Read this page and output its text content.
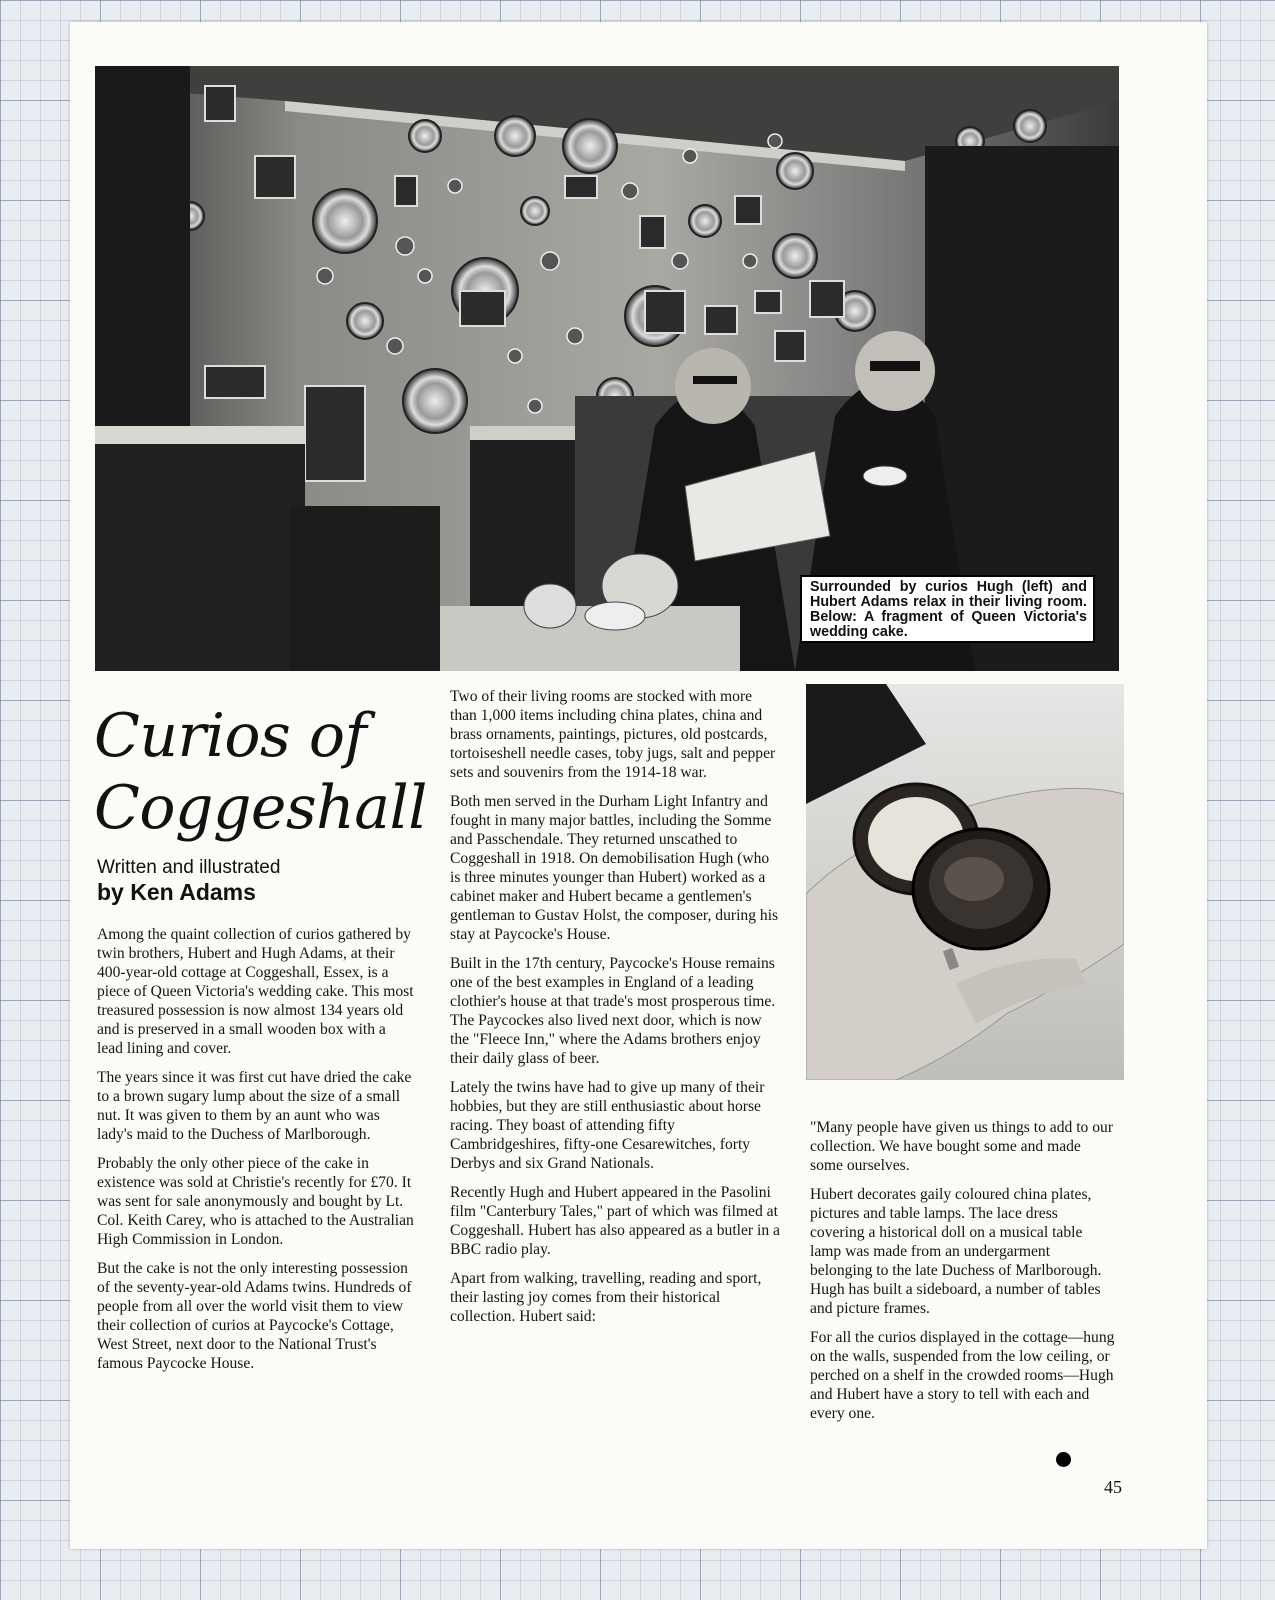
Surrounded by curios Hugh (left) and Hubert Adams relax in their living room. Below: A fragment of Queen Victoria's wedding cake.
Curios of
Coggeshall
Written and illustrated
by Ken Adams

Among the quaint collection of curios gathered by twin brothers, Hubert and Hugh Adams, at their 400-year-old cottage at Coggeshall, Essex, is a piece of Queen Victoria's wedding cake. This most treasured possession is now almost 134 years old and is preserved in a small wooden box with a lead lining and cover.

The years since it was first cut have dried the cake to a brown sugary lump about the size of a small nut. It was given to them by an aunt who was lady's maid to the Duchess of Marlborough.

Probably the only other piece of the cake in existence was sold at Christie's recently for £70. It was sent for sale anonymously and bought by Lt. Col. Keith Carey, who is attached to the Australian High Commission in London.

But the cake is not the only interesting possession of the seventy-year-old Adams twins. Hundreds of people from all over the world visit them to view their collection of curios at Paycocke's Cottage, West Street, next door to the National Trust's famous Paycocke House.

Two of their living rooms are stocked with more than 1,000 items including china plates, china and brass ornaments, paintings, pictures, old postcards, tortoiseshell needle cases, toby jugs, salt and pepper sets and souvenirs from the 1914-18 war.

Both men served in the Durham Light Infantry and fought in many major battles, including the Somme and Passchendale. They returned unscathed to Coggeshall in 1918. On demobilisation Hugh (who is three minutes younger than Hubert) worked as a cabinet maker and Hubert became a gentlemen's gentleman to Gustav Holst, the composer, during his stay at Paycocke's House.

Built in the 17th century, Paycocke's House remains one of the best examples in England of a leading clothier's house at that trade's most prosperous time. The Paycockes also lived next door, which is now the "Fleece Inn," where the Adams brothers enjoy their daily glass of beer.

Lately the twins have had to give up many of their hobbies, but they are still enthusiastic about horse racing. They boast of attending fifty Cambridgeshires, fifty-one Cesarewitches, forty Derbys and six Grand Nationals.

Recently Hugh and Hubert appeared in the Pasolini film "Canterbury Tales," part of which was filmed at Coggeshall. Hubert has also appeared as a butler in a BBC radio play.

Apart from walking, travelling, reading and sport, their lasting joy comes from their historical collection. Hubert said:

"Many people have given us things to add to our collection. We have bought some and made some ourselves.

Hubert decorates gaily coloured china plates, pictures and table lamps. The lace dress covering a historical doll on a musical table lamp was made from an undergarment belonging to the late Duchess of Marlborough. Hugh has built a sideboard, a number of tables and picture frames.

For all the curios displayed in the cottage—hung on the walls, suspended from the low ceiling, or perched on a shelf in the crowded rooms—Hugh and Hubert have a story to tell with each and every one.

45
